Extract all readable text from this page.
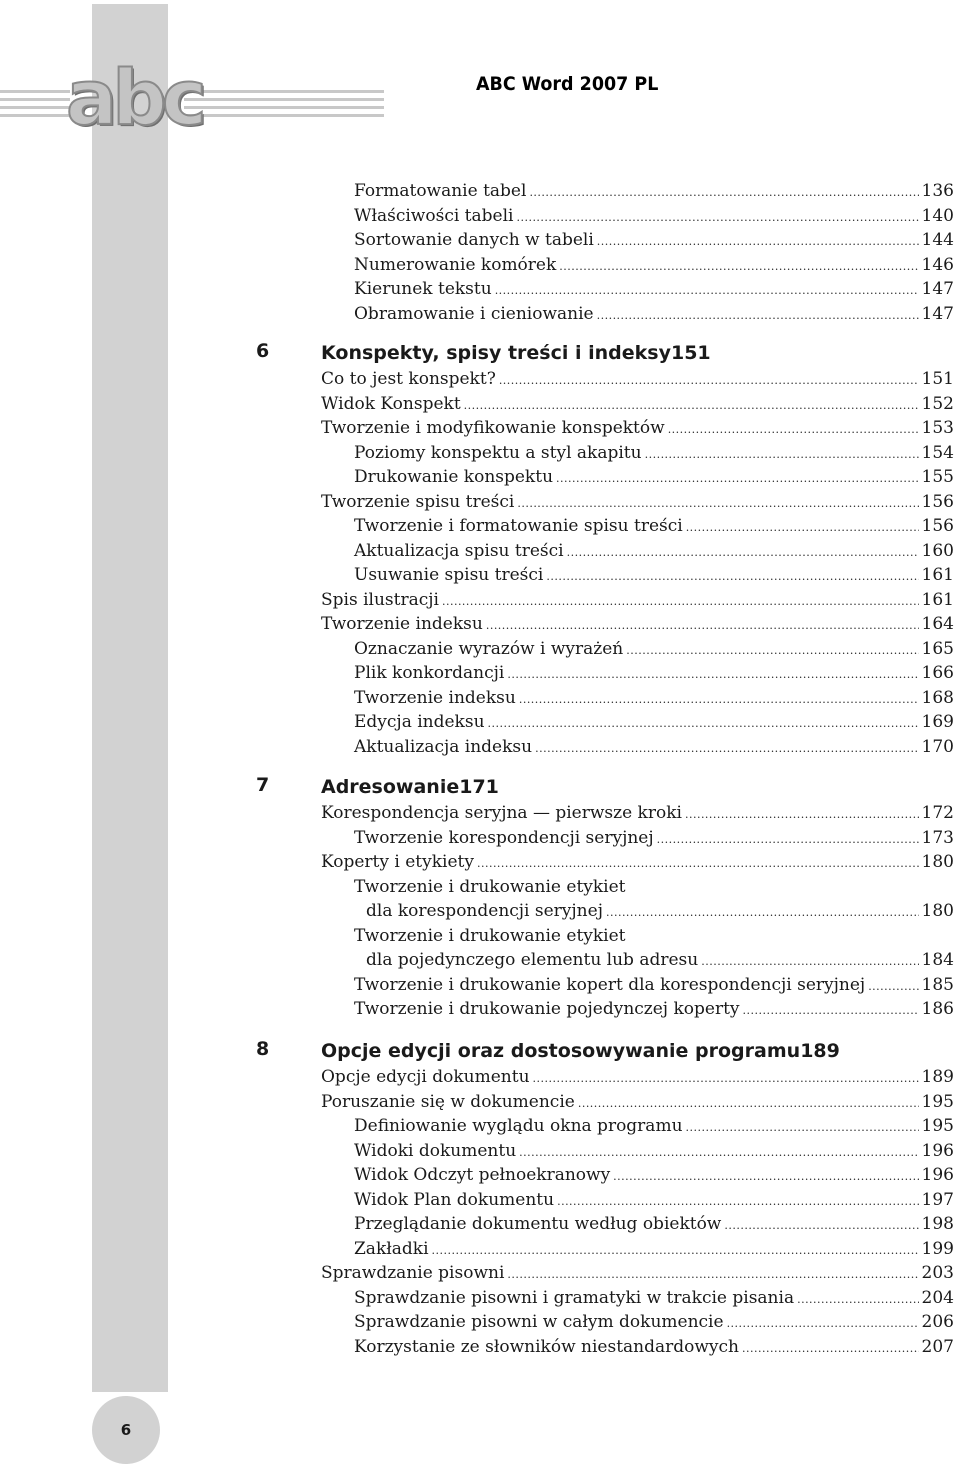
abc	ABC Word 2007 PL
Formatowanie tabel . . .	136
Właściwości tabeli . . .	140
Sortowanie danych w tabeli . . .	144
Numerowanie komórek . . .	146
Kierunek tekstu . . .	147
Obramowanie i cieniowanie . . .	147
6	Konspekty, spisy treści i indeksy 151
Co to jest konspekt? . . .	151
Widok Konspekt . . .	152
Tworzenie i modyfikowanie konspektów . . .	153
Poziomy konspektu a styl akapitu . . .	154
Drukowanie konspektu . . .	155
Tworzenie spisu treści . . .	156
Tworzenie i formatowanie spisu treści . . .	156
Aktualizacja spisu treści . . .	160
Usuwanie spisu treści . . .	161
Spis ilustracji . . .	161
Tworzenie indeksu . . .	164
Oznaczanie wyrazów i wyrażeń . . .	165
Plik konkordancji . . .	166
Tworzenie indeksu . . .	168
Edycja indeksu . . .	169
Aktualizacja indeksu . . .	170
7	Adresowanie 171
Korespondencja seryjna — pierwsze kroki . . .	172
Tworzenie korespondencji seryjnej . . .	173
Koperty i etykiety . . .	180
Tworzenie i drukowanie etykiet
dla korespondencji seryjnej . . .	180
Tworzenie i drukowanie etykiet
dla pojedynczego elementu lub adresu . . .	184
Tworzenie i drukowanie kopert dla korespondencji seryjnej . . .	185
Tworzenie i drukowanie pojedynczej koperty . . .	186
8	Opcje edycji oraz dostosowywanie programu 189
Opcje edycji dokumentu . . .	189
Poruszanie się w dokumencie . . .	195
Definiowanie wyglądu okna programu . . .	195
Widoki dokumentu . . .	196
Widok Odczyt pełnoekranowy . . .	196
Widok Plan dokumentu . . .	197
Przeglądanie dokumentu według obiektów . . .	198
Zakładki . . .	199
Sprawdzanie pisowni . . .	203
Sprawdzanie pisowni i gramatyki w trakcie pisania . . .	204
Sprawdzanie pisowni w całym dokumencie . . .	206
Korzystanie ze słowników niestandardowych . . .	207
6
